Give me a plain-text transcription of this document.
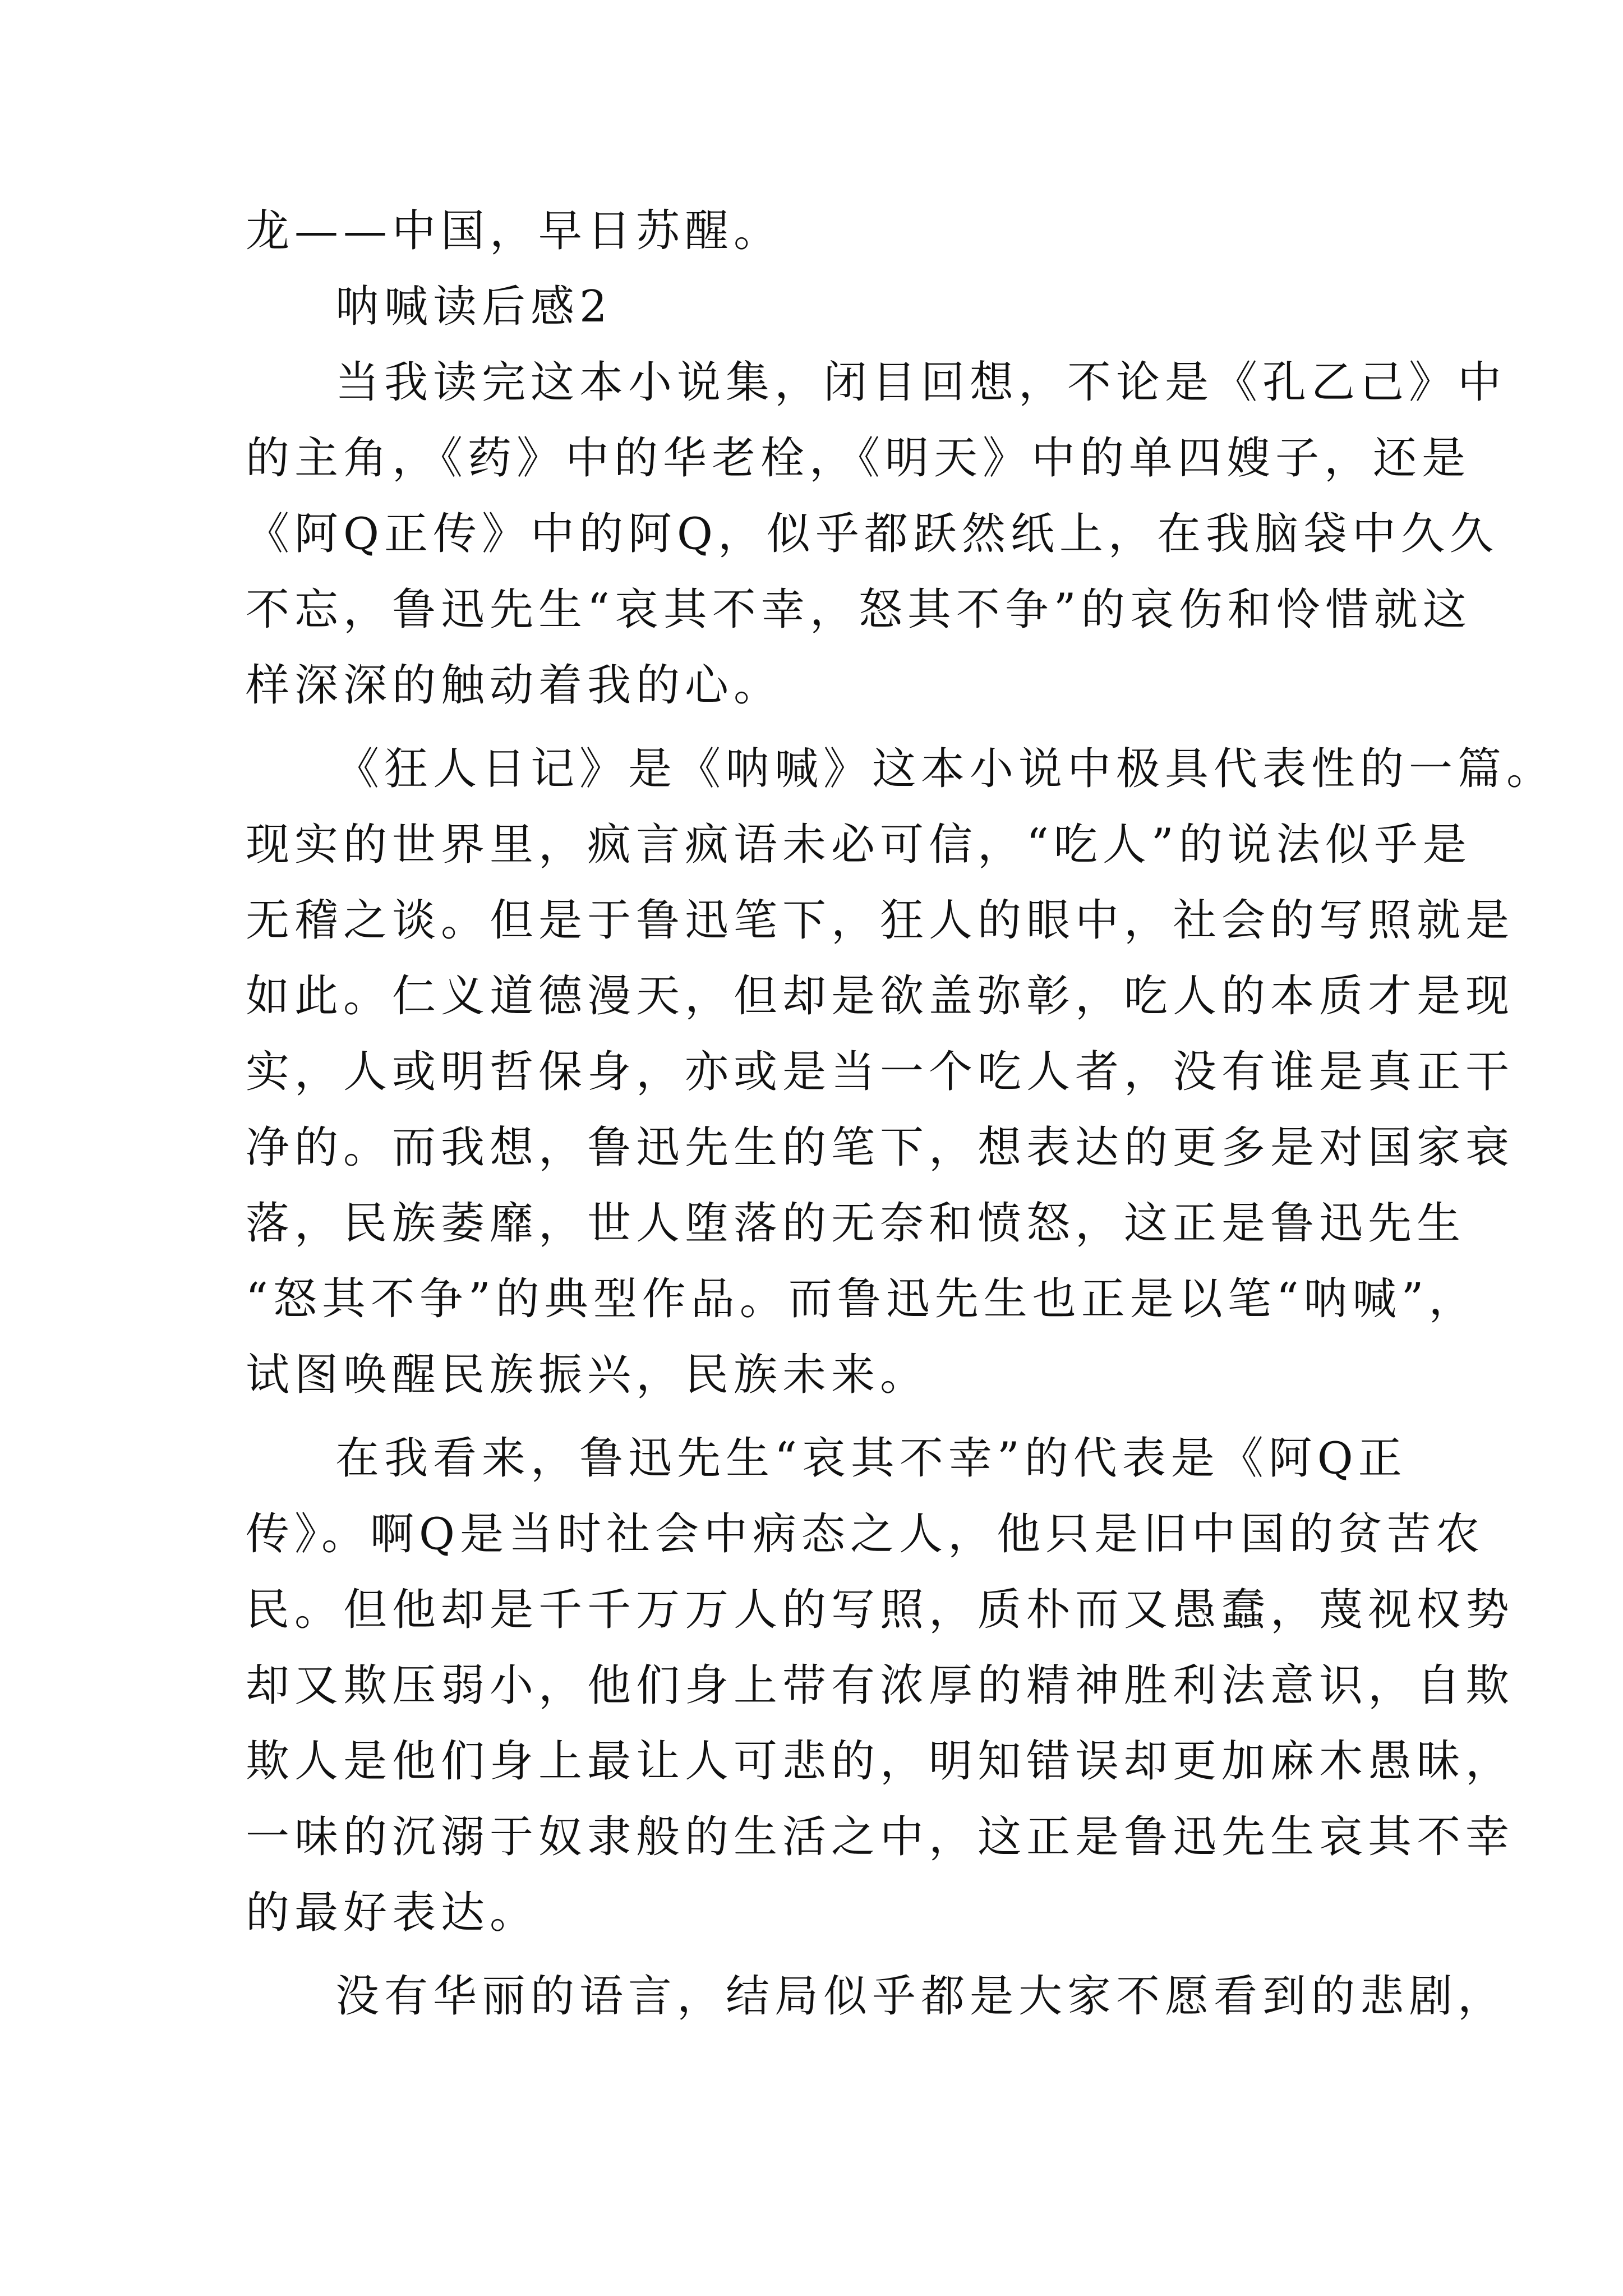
龙——中国，早日苏醒。
呐喊读后感2
当我读完这本小说集，闭目回想，不论是《孔乙己》中
的主角，《药》中的华老栓，《明天》中的单四嫂子，还是
《阿Q正传》中的阿Q，似乎都跃然纸上，在我脑袋中久久
不忘，鲁迅先生“哀其不幸，怒其不争”的哀伤和怜惜就这
样深深的触动着我的心。
《狂人日记》是《呐喊》这本小说中极具代表性的一篇。
现实的世界里，疯言疯语未必可信，“吃人”的说法似乎是
无稽之谈。但是于鲁迅笔下，狂人的眼中，社会的写照就是
如此。仁义道德漫天，但却是欲盖弥彰，吃人的本质才是现
实，人或明哲保身，亦或是当一个吃人者，没有谁是真正干
净的。而我想，鲁迅先生的笔下，想表达的更多是对国家衰
落，民族萎靡，世人堕落的无奈和愤怒，这正是鲁迅先生
“怒其不争”的典型作品。而鲁迅先生也正是以笔“呐喊”，
试图唤醒民族振兴，民族未来。
在我看来，鲁迅先生“哀其不幸”的代表是《阿Q正
传》。啊Q是当时社会中病态之人，他只是旧中国的贫苦农
民。但他却是千千万万人的写照，质朴而又愚蠢，蔑视权势
却又欺压弱小，他们身上带有浓厚的精神胜利法意识，自欺
欺人是他们身上最让人可悲的，明知错误却更加麻木愚昧，
一味的沉溺于奴隶般的生活之中，这正是鲁迅先生哀其不幸
的最好表达。
没有华丽的语言，结局似乎都是大家不愿看到的悲剧，
